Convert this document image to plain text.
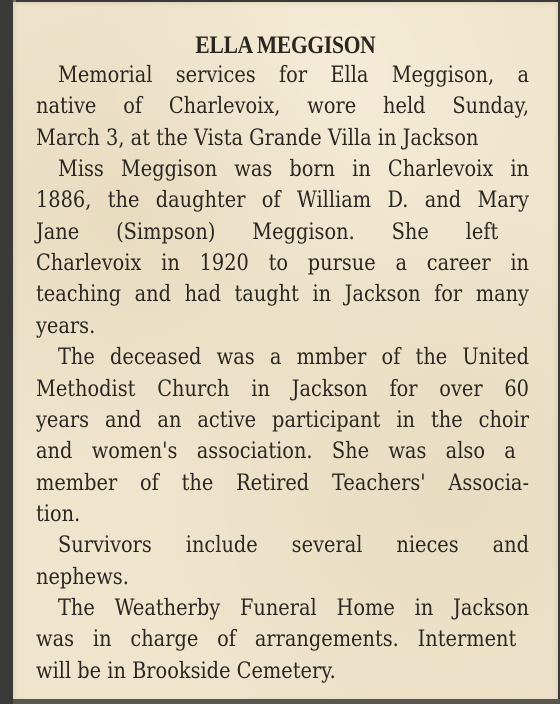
ELLA MEGGISON
Memorial services for Ella Meggison, a
native of Charlevoix, wore held Sunday,
March 3, at the Vista Grande Villa in Jackson
Miss Meggison was born in Charlevoix in
1886, the daughter of William D. and Mary
Jane (Simpson) Meggison. She left
Charlevoix in 1920 to pursue a career in
teaching and had taught in Jackson for many
years.
The deceased was a mmber of the United
Methodist Church in Jackson for over 60
years and an active participant in the choir
and women's association. She was also a
member of the Retired Teachers' Associa-
tion.
Survivors include several nieces and
nephews.
The Weatherby Funeral Home in Jackson
was in charge of arrangements. Interment
will be in Brookside Cemetery.
